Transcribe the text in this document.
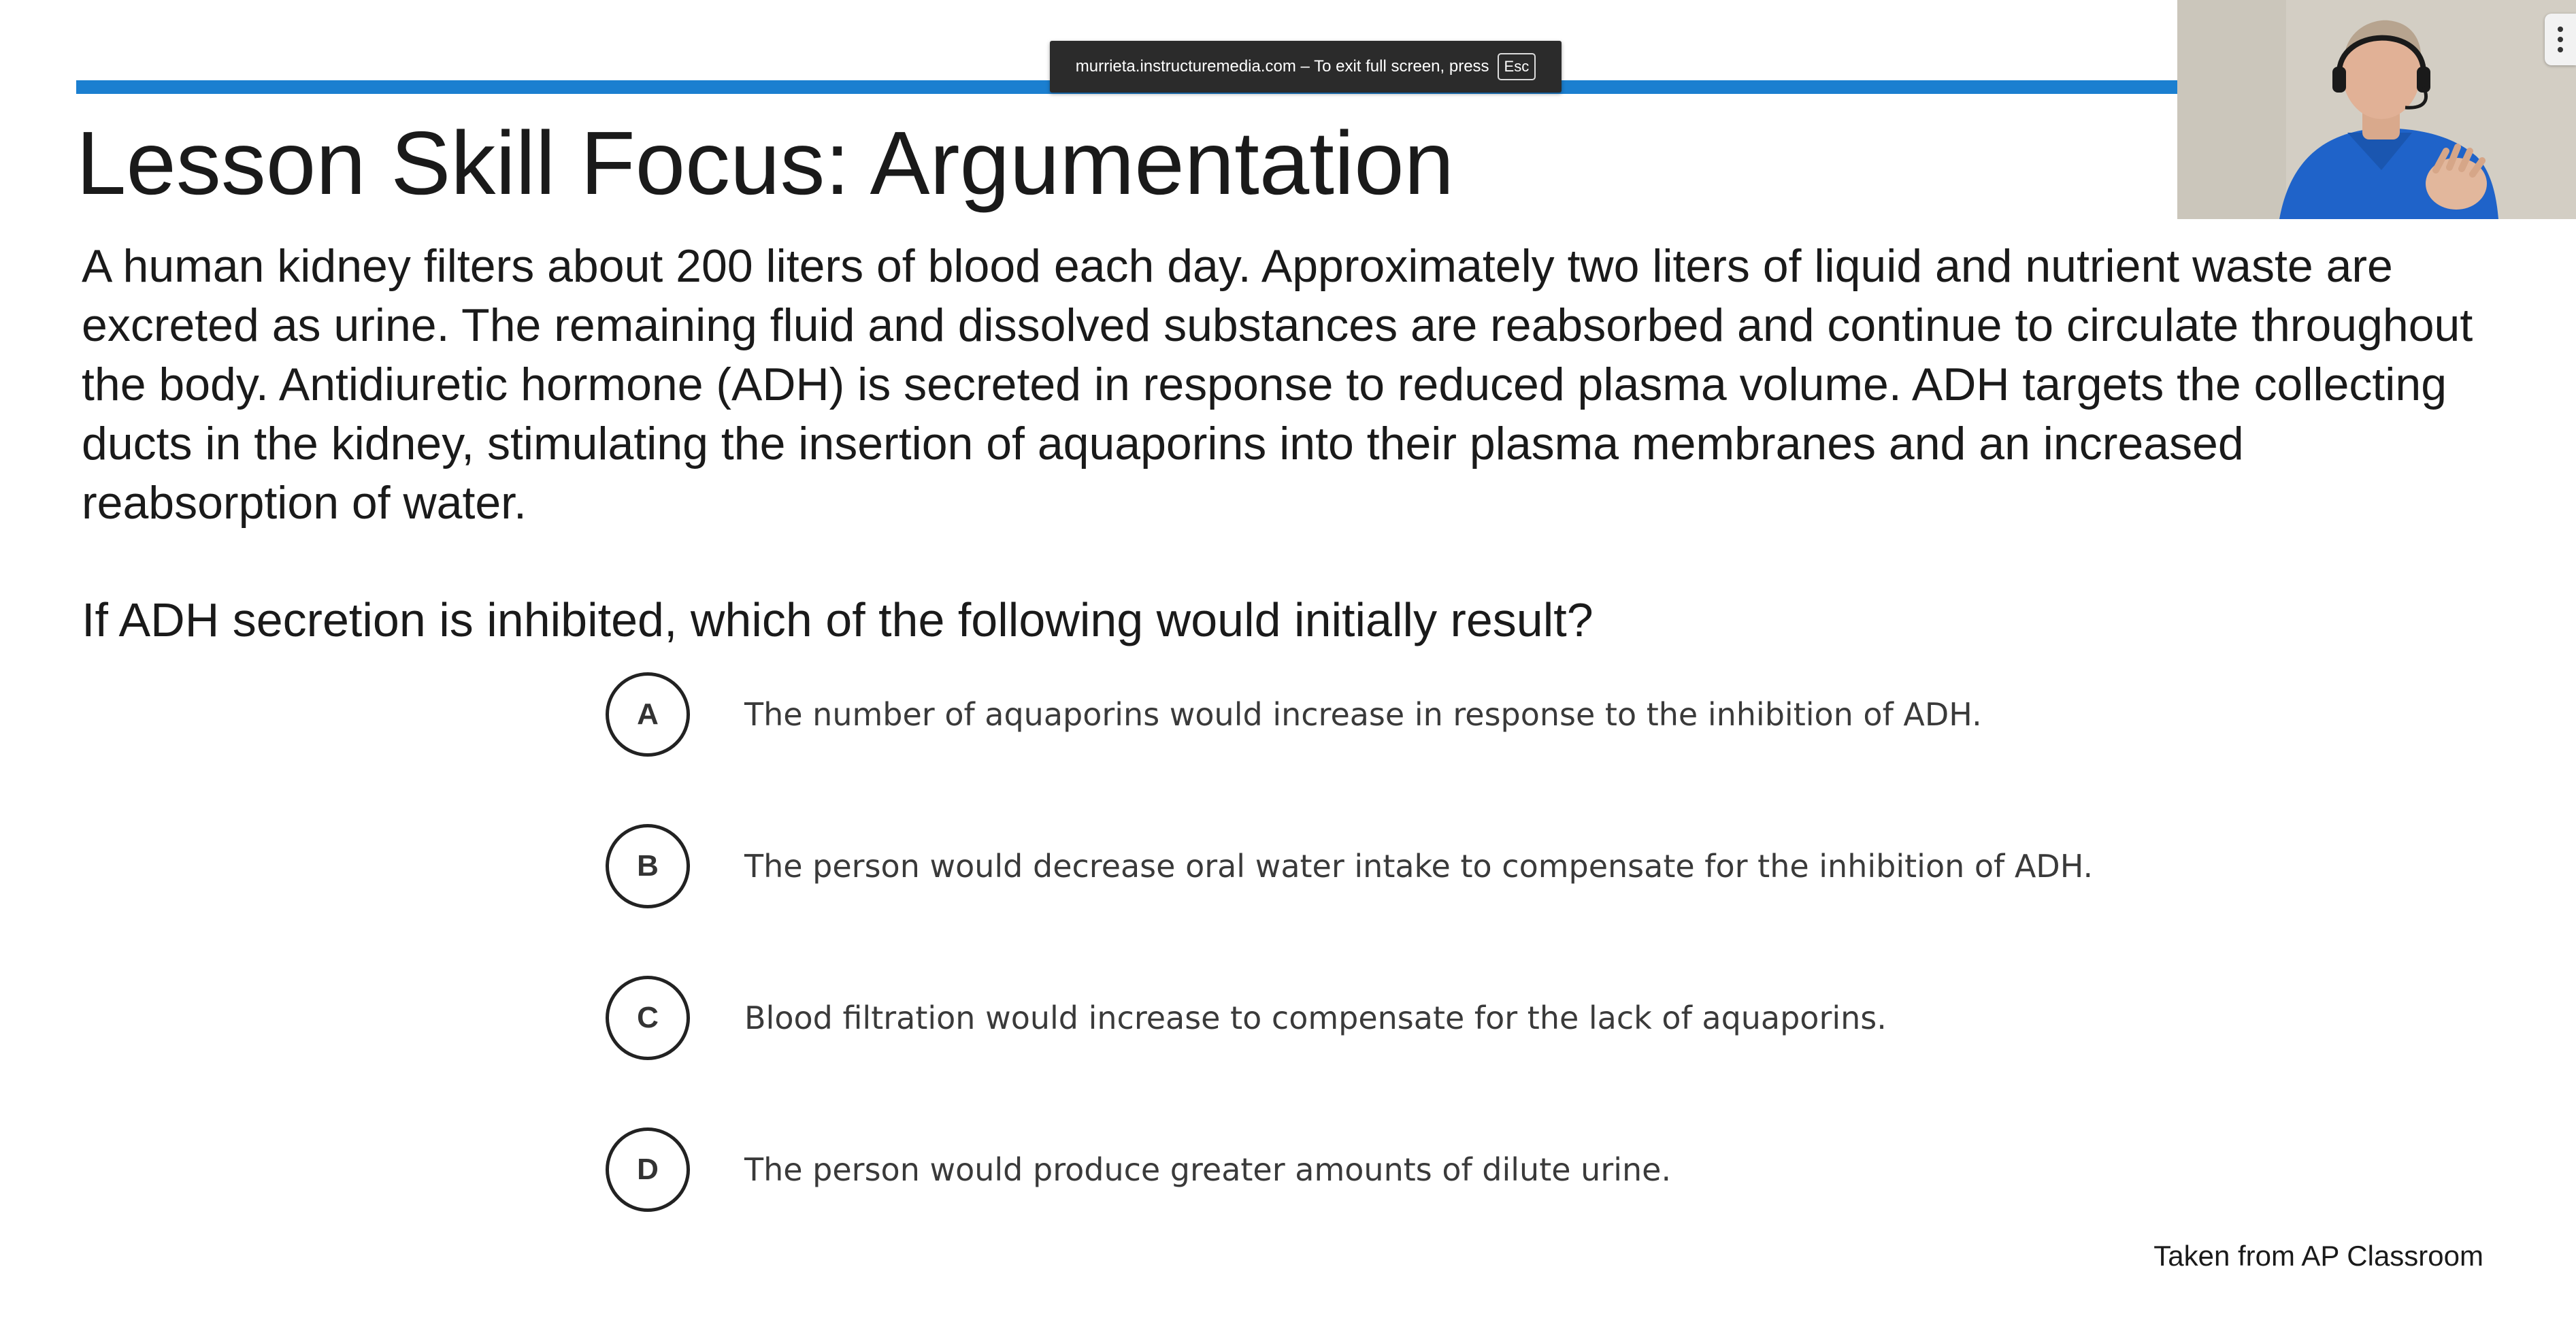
Lesson Skill Focus: Argumentation

A human kidney filters about 200 liters of blood each day. Approximately two liters of liquid and nutrient waste are excreted as urine. The remaining fluid and dissolved substances are reabsorbed and continue to circulate throughout the body. Antidiuretic hormone (ADH) is secreted in response to reduced plasma volume. ADH targets the collecting ducts in the kidney, stimulating the insertion of aquaporins into their plasma membranes and an increased reabsorption of water.

If ADH secretion is inhibited, which of the following would initially result?

A	The number of aquaporins would increase in response to the inhibition of ADH.
B	The person would decrease oral water intake to compensate for the inhibition of ADH.
C	Blood filtration would increase to compensate for the lack of aquaporins.
D	The person would produce greater amounts of dilute urine.
Taken from AP Classroom
murrieta.instructuremedia.com – To exit full screen, press	Esc
